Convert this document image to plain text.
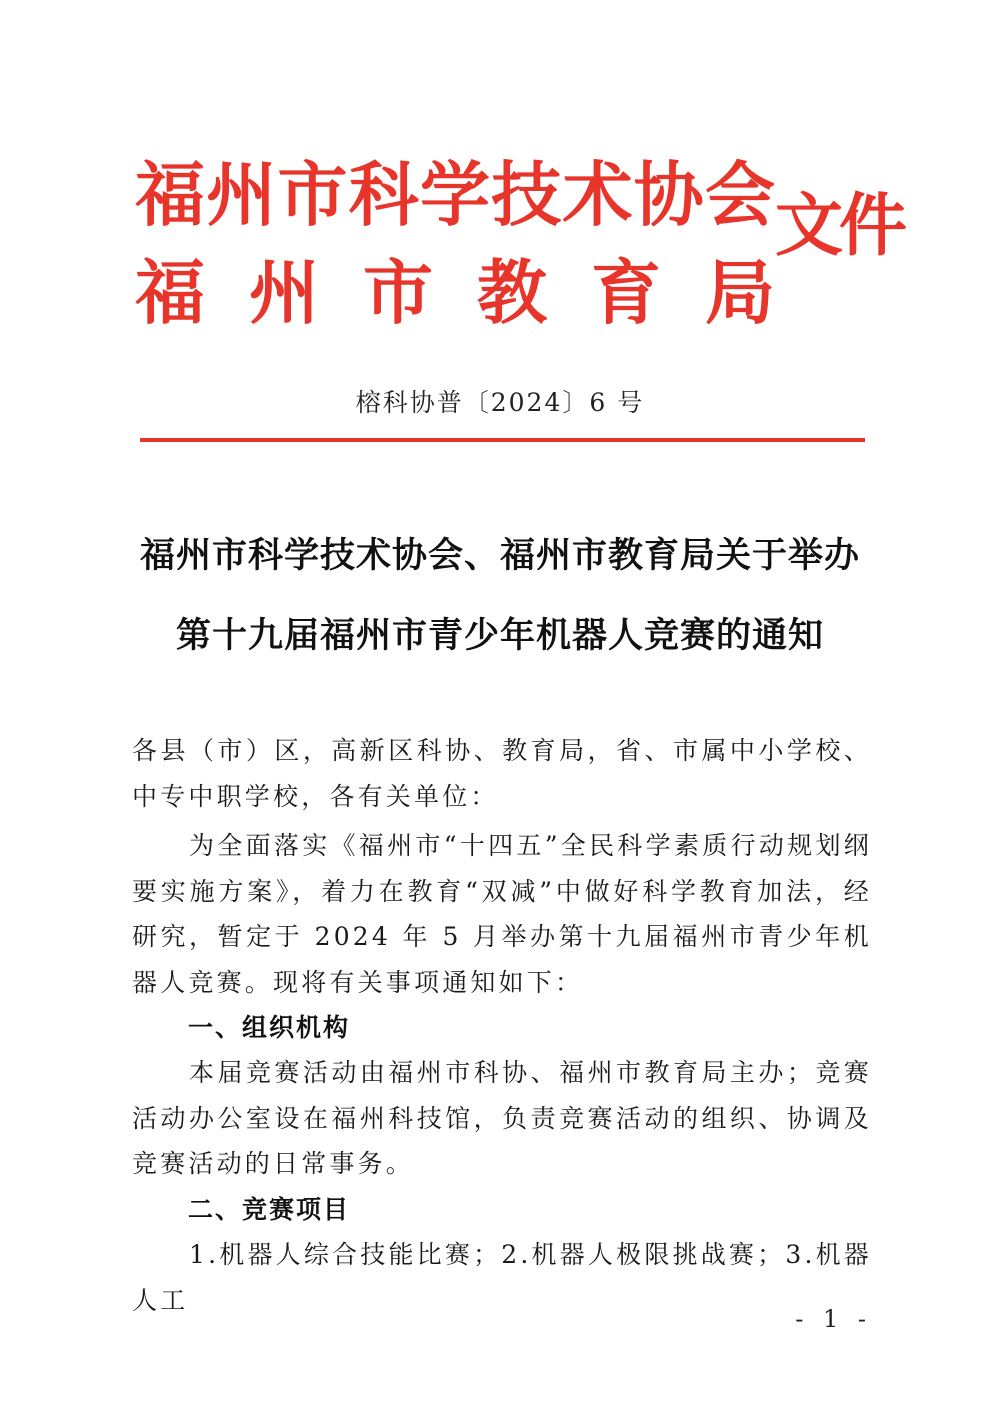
福 州 市 科 学 技 术 协 会
福 州 市 教 育 局
文件
榕科协普〔2024〕6 号
福州市科学技术协会、福州市教育局关于举办
第十九届福州市青少年机器人竞赛的通知
各县（市）区，高新区科协、教育局，省、市属中小学校、中专中职学校，各有关单位：
为全面落实《福州市“十四五”全民科学素质行动规划纲要实施方案》，着力在教育“双减”中做好科学教育加法，经研究，暂定于 2024 年 5 月举办第十九届福州市青少年机器人竞赛。现将有关事项通知如下：
一、组织机构
本届竞赛活动由福州市科协、福州市教育局主办；竞赛活动办公室设在福州科技馆，负责竞赛活动的组织、协调及竞赛活动的日常事务。
二、竞赛项目
1.机器人综合技能比赛；2.机器人极限挑战赛；3.机器人工
- 1 -
